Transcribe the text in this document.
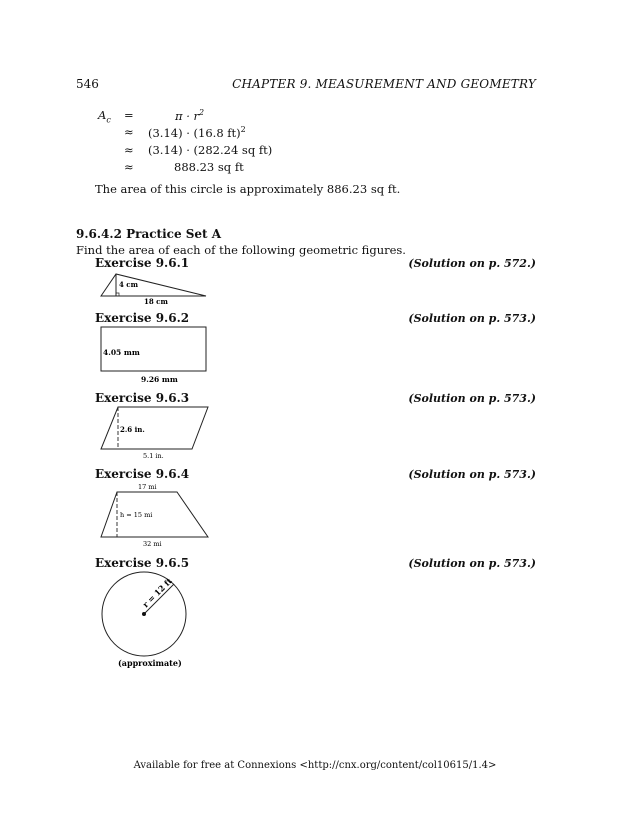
546	CHAPTER 9. MEASUREMENT AND GEOMETRY
$A_c$ =	$\pi \cdot r^2$
≈ (3.14) · (16.8 ft)$^2$
≈ (3.14) · (282.24 sq ft)
≈	888.23 sq ft
The area of this circle is approximately 886.23 sq ft.
9.6.4.2 Practice Set A
Find the area of each of the following geometric figures.
Exercise 9.6.1	(Solution on p. 572.)
4 cm
18 cm
Exercise 9.6.2	(Solution on p. 573.)
4.05 mm
9.26 mm
Exercise 9.6.3	(Solution on p. 573.)
2.6 in.
5.1 in.
Exercise 9.6.4	(Solution on p. 573.)
17 mi
h = 15 mi
32 mi
Exercise 9.6.5	(Solution on p. 573.)
r = 12 ft
(approximate)
Available for free at Connexions <http://cnx.org/content/col10615/1.4>
